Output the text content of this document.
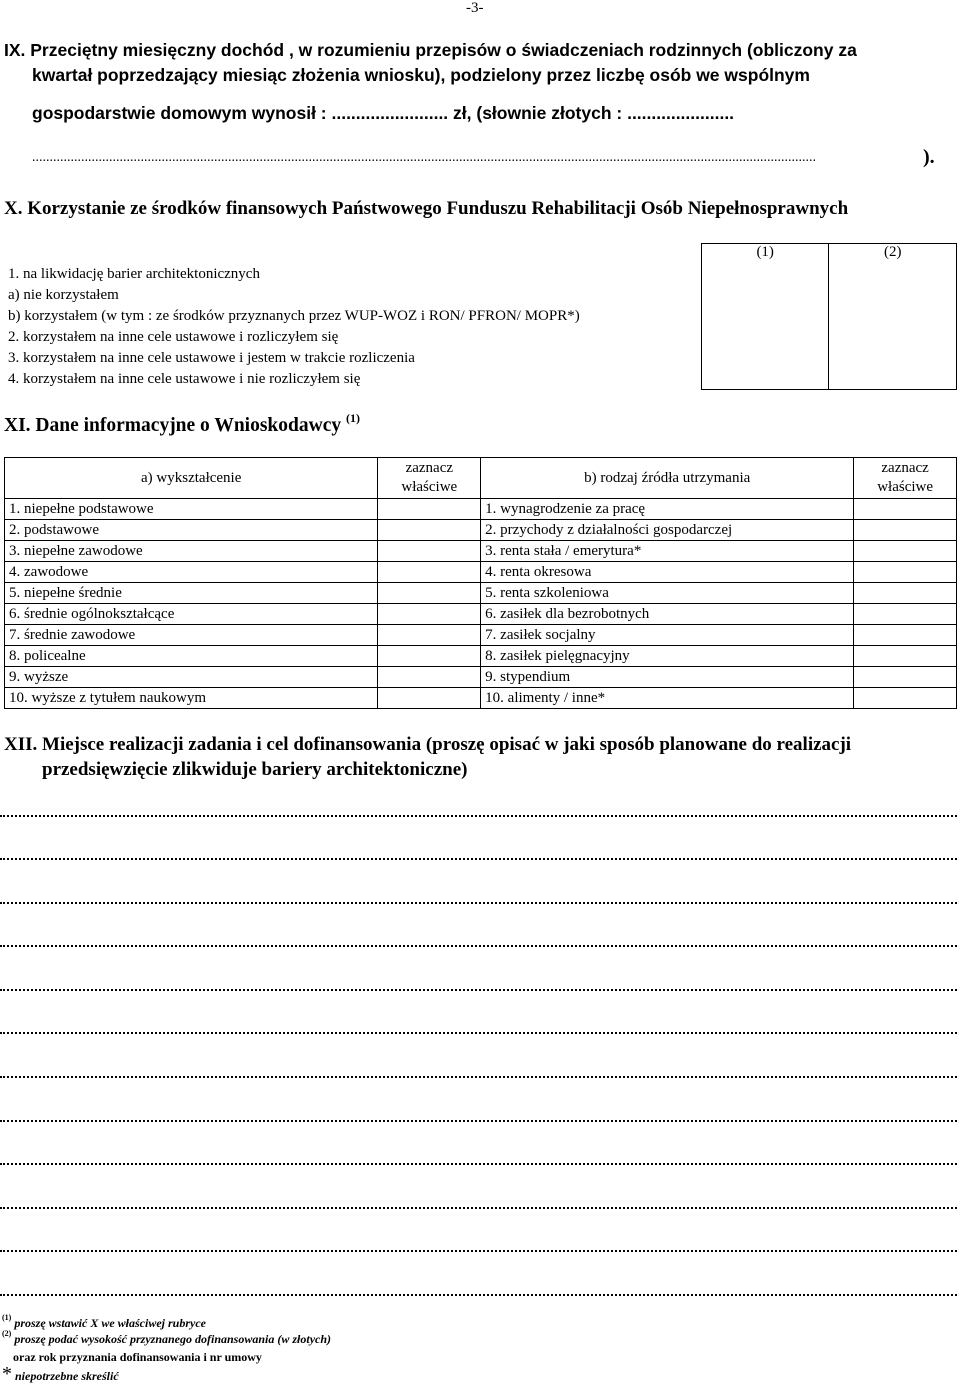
-3-
IX. Przeciętny miesięczny dochód , w rozumieniu przepisów o świadczeniach rodzinnych (obliczony za
kwartał poprzedzający miesiąc złożenia wniosku), podzielony przez liczbę osób we wspólnym
gospodarstwie domowym wynosił : ........................ zł, (słownie złotych : ......................
................................................................................................................................................................................................................................	).
X. Korzystanie ze środków finansowych Państwowego Funduszu Rehabilitacji Osób Niepełnosprawnych
1. na likwidację barier architektonicznych
a) nie korzystałem
b) korzystałem (w tym : ze środków przyznanych przez WUP-WOZ i RON/ PFRON/ MOPR*)
2. korzystałem na inne cele ustawowe i rozliczyłem się
3. korzystałem na inne cele ustawowe i jestem w trakcie rozliczenia
4. korzystałem na inne cele ustawowe i nie rozliczyłem się

(1)	(2)
XI. Dane informacyjne o Wnioskodawcy $^{(1)}$
a) wykształcenie	zaznacz właściwe	b) rodzaj źródła utrzymania	zaznacz właściwe
1. niepełne podstawowe		1. wynagrodzenie za pracę	
2. podstawowe		2. przychody z działalności gospodarczej	
3. niepełne zawodowe		3. renta stała / emerytura*	
4. zawodowe		4. renta okresowa	
5. niepełne średnie		5. renta szkoleniowa	
6. średnie ogólnokształcące		6. zasiłek dla bezrobotnych	
7. średnie zawodowe		7. zasiłek socjalny	
8. policealne		8. zasiłek pielęgnacyjny	
9. wyższe		9. stypendium	
10. wyższe z tytułem naukowym		10. alimenty / inne*	
XII. Miejsce realizacji zadania i cel dofinansowania (proszę opisać w jaki sposób planowane do realizacji
przedsięwzięcie zlikwiduje bariery architektoniczne)
$^{(1)}$ proszę wstawić X we właściwej rubryce
$^{(2)}$ proszę podać wysokość przyznanego dofinansowania (w złotych)
oraz rok przyznania dofinansowania i nr umowy
* niepotrzebne skreślić
